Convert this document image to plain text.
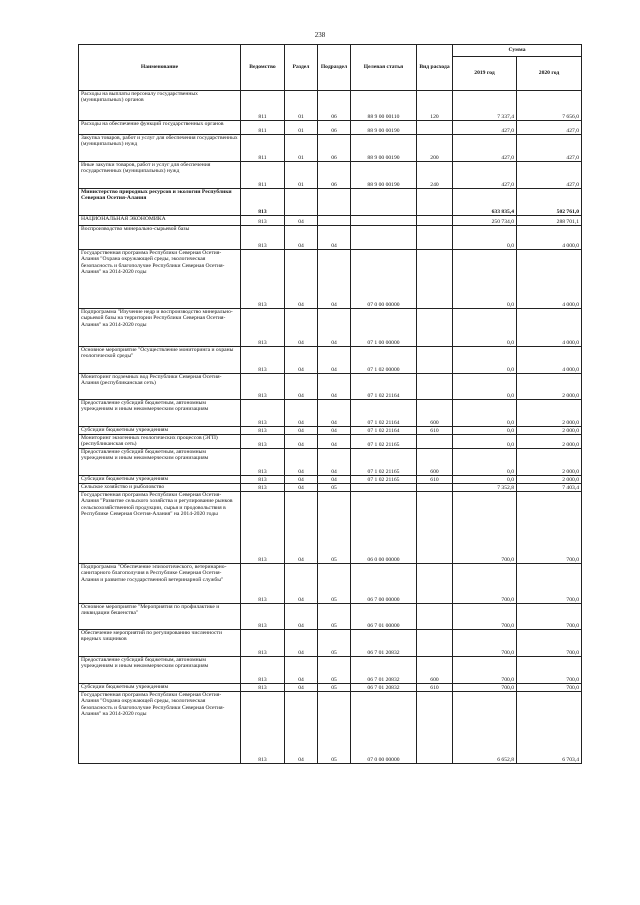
238
Наименование	Ведомство	Раздел	Подраздел	Целевая статья	Вид расхода	Сумма	
						2019 год	2020 год
Расходы на выплаты персоналу государственных (муниципальных) органов	811	01	06	88 9 00 00110	120	7 337,4	7 656,0
Расходы на обеспечение функций государственных органов	811	01	06	88 9 00 00190		427,0	427,0
Закупка товаров, работ и услуг для обеспечения государственных (муниципальных) нужд	811	01	06	88 9 00 00190	200	427,0	427,0
Иные закупки товаров, работ и услуг для обеспечения государственных (муниципальных) нужд	811	01	06	88 9 00 00190	240	427,0	427,0
Министерство природных ресурсов и экологии Республики Северная Осетия-Алания	813					633 835,4	502 761,0
НАЦИОНАЛЬНАЯ ЭКОНОМИКА	813	04				250 734,0	288 701,1
Воспроизводство минерально-сырьевой базы	813	04	04			0,0	4 000,0
Государственная программа Республики Северная Осетия-Алания "Охрана окружающей среды, экологическая безопасность и благополучие Республики Северная Осетия-Алания" на 2014-2020 годы	813	04	04	07 0 00 00000		0,0	4 000,0
Подпрограмма "Изучение недр и воспроизводство минерально-сырьевой базы на территории Республики Северная Осетия-Алания" на 2014-2020 годы	813	04	04	07 1 00 00000		0,0	4 000,0
Основное мероприятие "Осуществление мониторинга и охраны геологической среды"	813	04	04	07 1 02 00000		0,0	4 000,0
Мониторинг подземных вод Республики Северная Осетия-Алания (республиканская сеть)	813	04	04	07 1 02 21164		0,0	2 000,0
Предоставление субсидий бюджетным, автономным учреждениям и иным некоммерческим организациям	813	04	04	07 1 02 21164	600	0,0	2 000,0
Субсидии бюджетным учреждениям	813	04	04	07 1 02 21164	610	0,0	2 000,0
Мониторинг экзогенных геологических процессов (ЭГП) (республиканская сеть)	813	04	04	07 1 02 21165		0,0	2 000,0
Предоставление субсидий бюджетным, автономным учреждениям и иным некоммерческим организациям	813	04	04	07 1 02 21165	600	0,0	2 000,0
Субсидии бюджетным учреждениям	813	04	04	07 1 02 21165	610	0,0	2 000,0
Сельское хозяйство и рыболовство	813	04	05			7 352,8	7 403,4
Государственная программа Республики Северная Осетия-Алания "Развитие сельского хозяйства и регулирование рынков сельскохозяйственной продукции, сырья и продовольствия в Республике Северная Осетия-Алания" на 2014-2020 годы	813	04	05	06 0 00 00000		700,0	700,0
Подпрограмма "Обеспечение эпизоотического, ветеринарно-санитарного благополучия в Республике Северная Осетия-Алания и развитие государственной ветеринарной службы"	813	04	05	06 7 00 00000		700,0	700,0
Основное мероприятие "Мероприятия по профилактике и ликвидации бешенства"	813	04	05	06 7 01 00000		700,0	700,0
Обеспечение мероприятий по регулированию численности вредных хищников	813	04	05	06 7 01 20832		700,0	700,0
Предоставление субсидий бюджетным, автономным учреждениям и иным некоммерческим организациям	813	04	05	06 7 01 20832	600	700,0	700,0
Субсидии бюджетным учреждениям	813	04	05	06 7 01 20832	610	700,0	700,0
Государственная программа Республики Северная Осетия-Алания "Охрана окружающей среды, экологическая безопасность и благополучие Республики Северная Осетия-Алания" на 2014-2020 годы	813	04	05	07 0 00 00000		6 652,8	6 703,4
